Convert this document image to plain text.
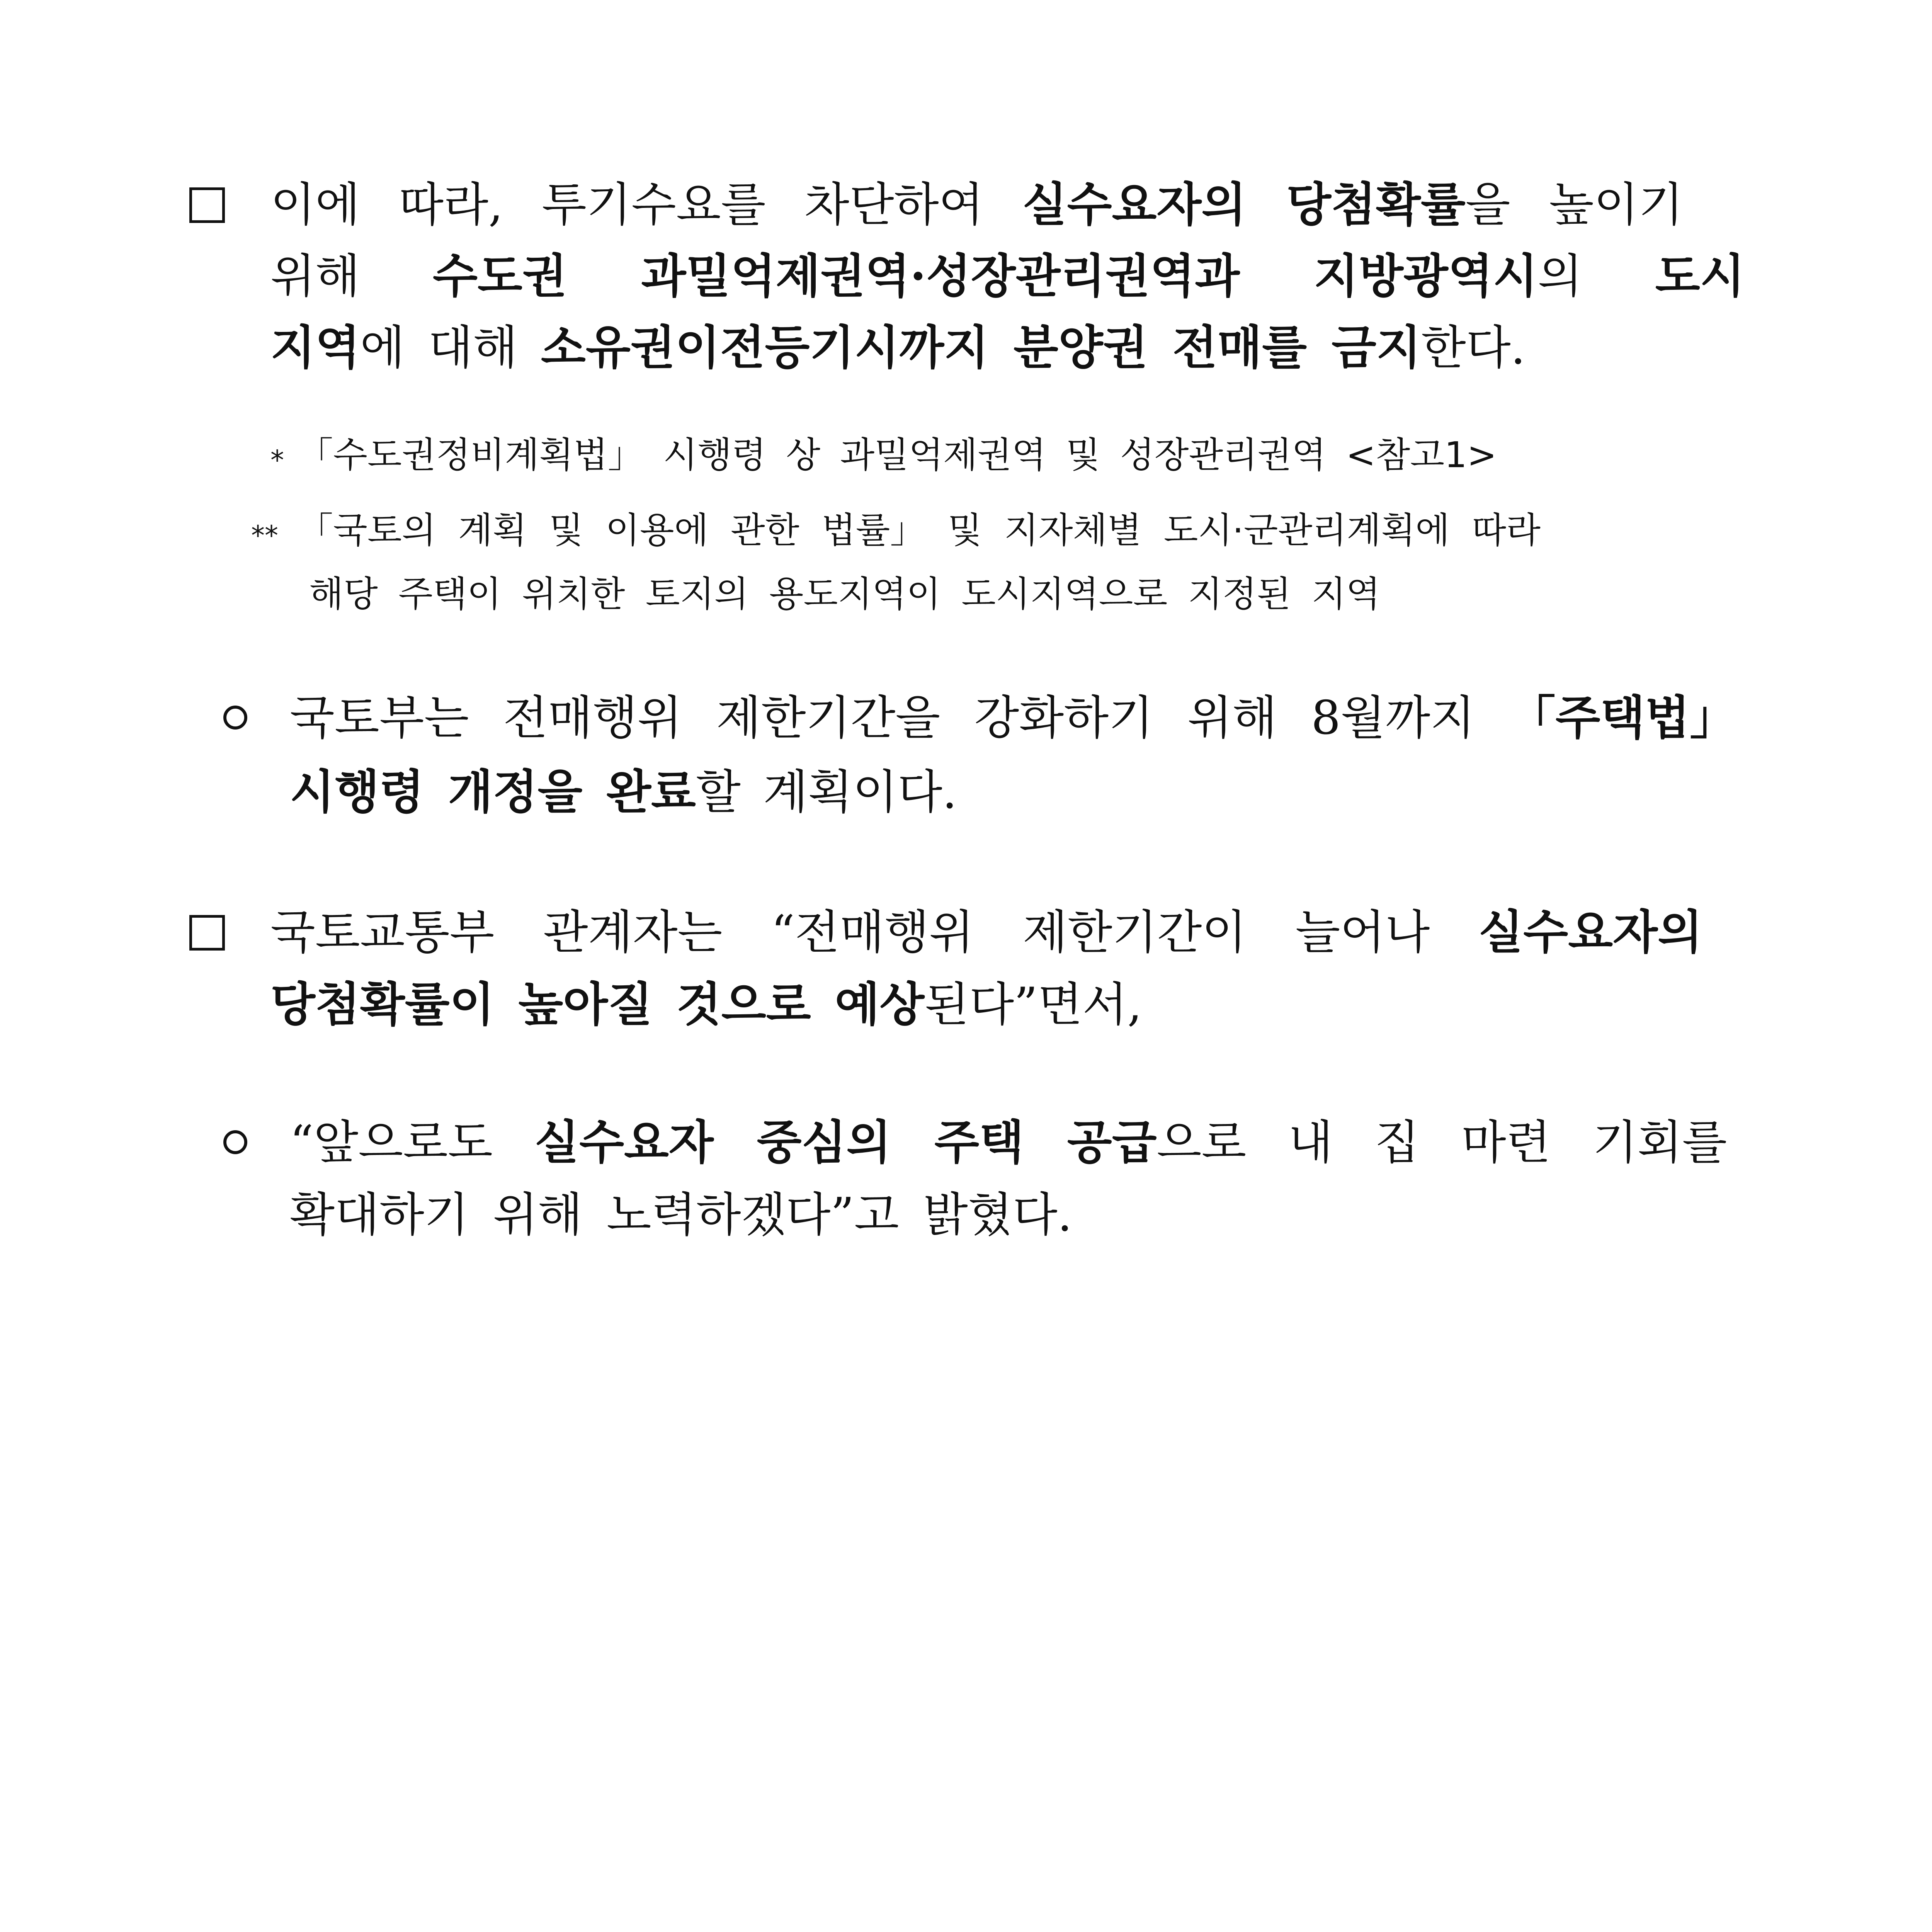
이에 따라, 투기수요를 차단하여 실수요자의 당첨확률을 높이기
위해 수도권 과밀억제권역·성장관리권역과 지방광역시의 도시
지역에 대해 소유권이전등기시까지 분양권 전매를 금지한다.
* 「수도권정비계획법」 시행령 상 과밀억제권역 및 성장관리권역 <참고1>
** 「국토의 계획 및 이용에 관한 법률」 및 지자체별 도시·군관리계획에 따라
해당 주택이 위치한 토지의 용도지역이 도시지역으로 지정된 지역
국토부는 전매행위 제한기간을 강화하기 위해 8월까지 「주택법」
시행령 개정을 완료할 계획이다.
국토교통부 관계자는 “전매행위 제한기간이 늘어나 실수요자의
당첨확률이 높아질 것으로 예상된다”면서,
“앞으로도 실수요자 중심의 주택 공급으로 내 집 마련 기회를
확대하기 위해 노력하겠다”고 밝혔다.
